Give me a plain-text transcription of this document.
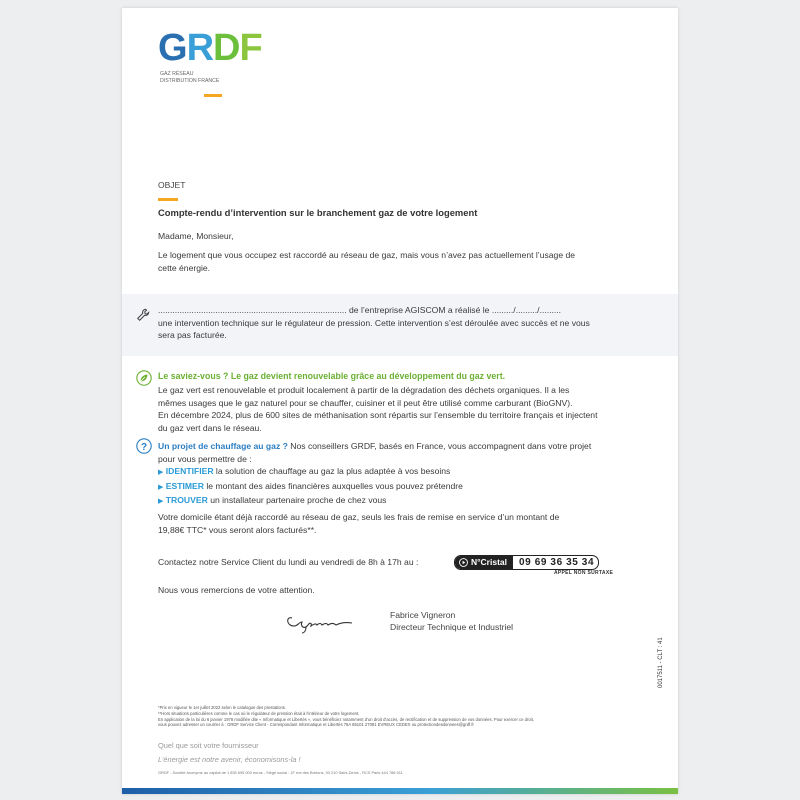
GRDF
GAZ RÉSEAU
DISTRIBUTION FRANCE
OBJET
Compte-rendu d’intervention sur le branchement gaz de votre logement
Madame, Monsieur,
Le logement que vous occupez est raccordé au réseau de gaz, mais vous n’avez pas actuellement l’usage de
cette énergie.
............................................................................... de l’entreprise AGISCOM a réalisé le ........./........./.........
une intervention technique sur le régulateur de pression. Cette intervention s’est déroulée avec succès et ne vous
sera pas facturée.
Le saviez-vous ? Le gaz devient renouvelable grâce au développement du gaz vert.
Le gaz vert est renouvelable et produit localement à partir de la dégradation des déchets organiques. Il a les
mêmes usages que le gaz naturel pour se chauffer, cuisiner et il peut être utilisé comme carburant (BioGNV).
En décembre 2024, plus de 600 sites de méthanisation sont répartis sur l’ensemble du territoire français et injectent
du gaz vert dans le réseau.
? Un projet de chauffage au gaz ? Nos conseillers GRDF, basés en France, vous accompagnent dans votre projet
pour vous permettre de :
▶ IDENTIFIER la solution de chauffage au gaz la plus adaptée à vos besoins
▶ ESTIMER le montant des aides financières auxquelles vous pouvez prétendre
▶ TROUVER un installateur partenaire proche de chez vous
Votre domicile étant déjà raccordé au réseau de gaz, seuls les frais de remise en service d’un montant de
19,88€ TTC* vous seront alors facturés**.
Contactez notre Service Client du lundi au vendredi de 8h à 17h au :	N°Cristal	09 69 36 35 34
APPEL NON SURTAXE
Nous vous remercions de votre attention.
Fabrice Vigneron
Directeur Technique et Industriel
*Prix en vigueur le 1er juillet 2022 selon le catalogue des prestations.
**Hors situations particulières comme le cas où le régulateur de pression était à l’intérieur de votre logement.
En application de la loi du 6 janvier 1978 modifiée dite « Informatique et Libertés », vous bénéficiez notamment d’un droit d’accès, de rectification et de suppression de vos données. Pour exercer ce droit,
vous pouvez adresser un courrier à : GRDF Service Client - Correspondant Informatique et Libertés 75A 85101 27091 EVREUX CEDEX ou protectiondesdonnees@grdf.fr
Quel que soit votre fournisseur
L’énergie est notre avenir, économisons-la !
GRDF - Société Anonyme au capital de 1 835 695 000 euros - Siège social : 1F rue des Bretons, 93 210 Saint-Denis - RCS Paris 444 786 511
0017511 - CLT : 41
